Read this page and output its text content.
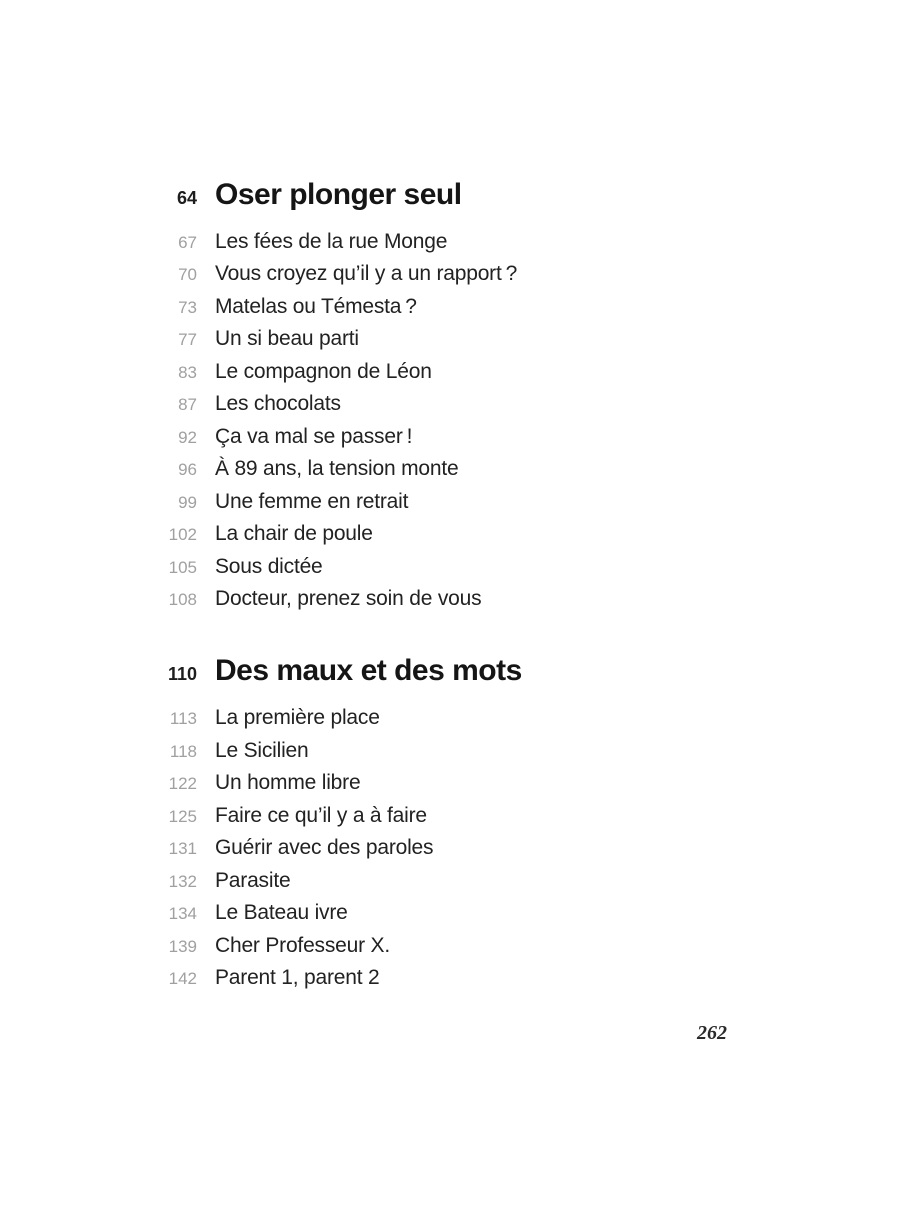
64 Oser plonger seul
67 Les fées de la rue Monge
70 Vous croyez qu’il y a un rapport ?
73 Matelas ou Témesta ?
77 Un si beau parti
83 Le compagnon de Léon
87 Les chocolats
92 Ça va mal se passer !
96 À 89 ans, la tension monte
99 Une femme en retrait
102 La chair de poule
105 Sous dictée
108 Docteur, prenez soin de vous
110 Des maux et des mots
113 La première place
118 Le Sicilien
122 Un homme libre
125 Faire ce qu’il y a à faire
131 Guérir avec des paroles
132 Parasite
134 Le Bateau ivre
139 Cher Professeur X.
142 Parent 1, parent 2
262
